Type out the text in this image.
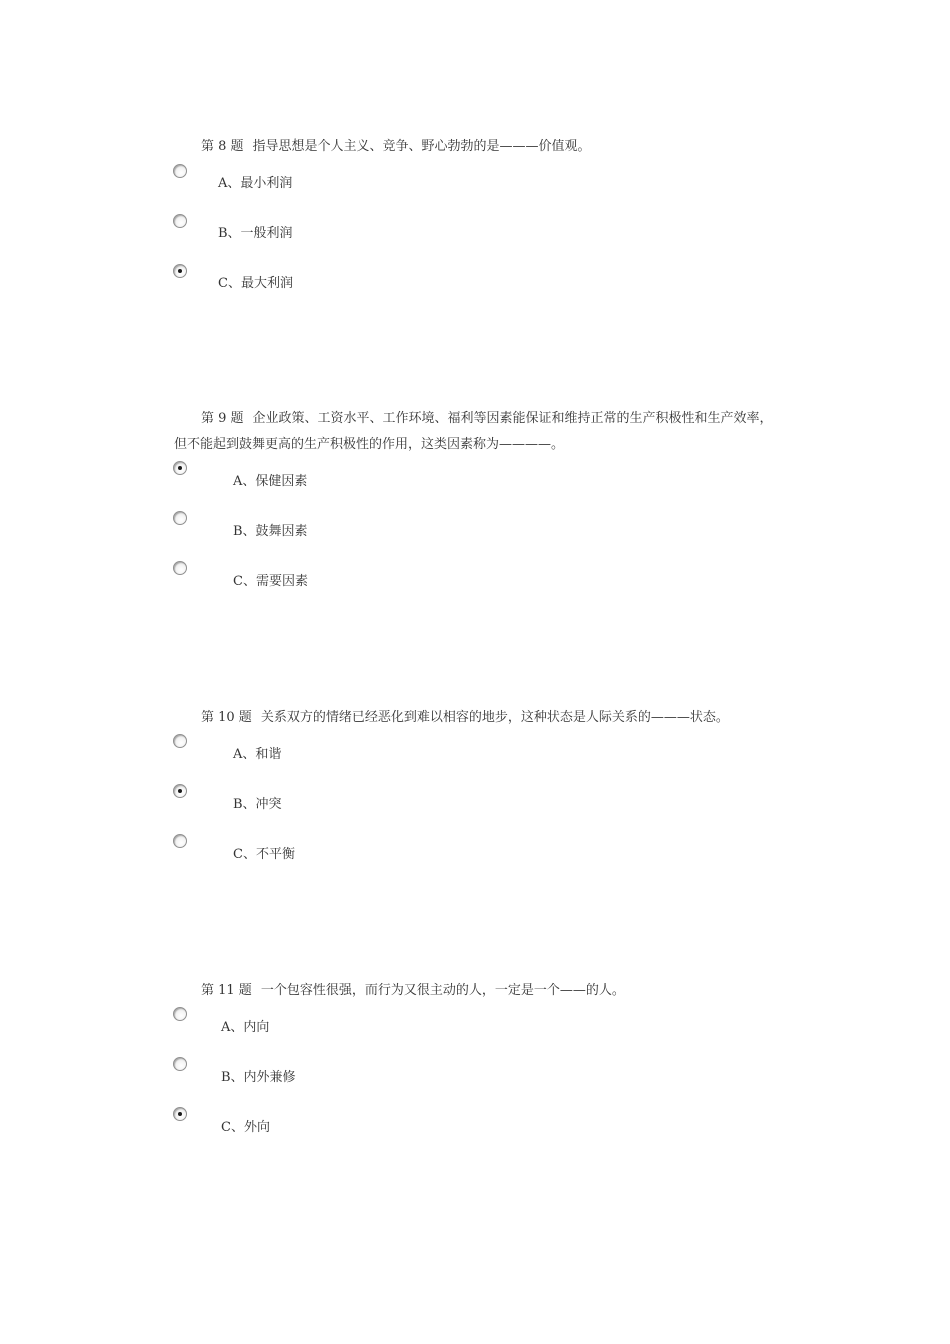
第 8 题 指导思想是个人主义、竞争、野心勃勃的是———价值观。

A、最小利润
B、一般利润
C、最大利润

第 9 题 企业政策、工资水平、工作环境、福利等因素能保证和维持正常的生产积极性和生产效率，但不能起到鼓舞更高的生产积极性的作用，这类因素称为————。

A、保健因素
B、鼓舞因素
C、需要因素

第 10 题 关系双方的情绪已经恶化到难以相容的地步，这种状态是人际关系的———状态。

A、和谐
B、冲突
C、不平衡

第 11 题 一个包容性很强，而行为又很主动的人，一定是一个——的人。

A、内向
B、内外兼修
C、外向
